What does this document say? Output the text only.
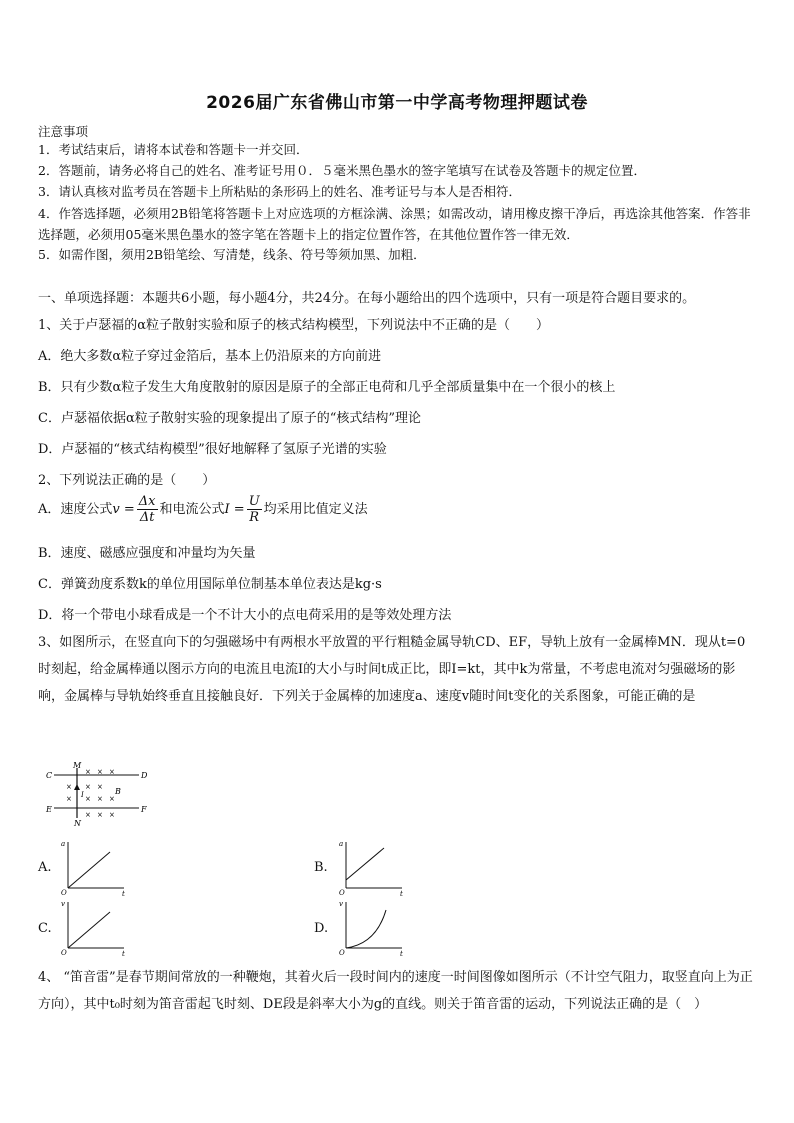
2026届广东省佛山市第一中学高考物理押题试卷
注意事项
1．考试结束后，请将本试卷和答题卡一并交回．
2．答题前，请务必将自己的姓名、准考证号用０．５毫米黑色墨水的签字笔填写在试卷及答题卡的规定位置．
3．请认真核对监考员在答题卡上所粘贴的条形码上的姓名、准考证号与本人是否相符．
4．作答选择题，必须用2B铅笔将答题卡上对应选项的方框涂满、涂黑；如需改动，请用橡皮擦干净后，再选涂其他答案．作答非选择题，必须用05毫米黑色墨水的签字笔在答题卡上的指定位置作答，在其他位置作答一律无效．
5．如需作图，须用2B铅笔绘、写清楚，线条、符号等须加黑、加粗．
一、单项选择题：本题共6小题，每小题4分，共24分。在每小题给出的四个选项中，只有一项是符合题目要求的。
1、关于卢瑟福的α粒子散射实验和原子的核式结构模型，下列说法中不正确的是（　　）
A．绝大多数α粒子穿过金箔后，基本上仍沿原来的方向前进
B．只有少数α粒子发生大角度散射的原因是原子的全部正电荷和几乎全部质量集中在一个很小的核上
C．卢瑟福依据α粒子散射实验的现象提出了原子的“核式结构”理论
D．卢瑟福的“核式结构模型”很好地解释了氢原子光谱的实验
2、下列说法正确的是（　　）
A．速度公式$v = \frac{\Delta x}{\Delta t}$ 和电流公式$I = \frac{U}{R}$ 均采用比值定义法
B．速度、磁感应强度和冲量均为矢量
C．弹簧劲度系数k的单位用国际单位制基本单位表达是kg·s
D．将一个带电小球看成是一个不计大小的点电荷采用的是等效处理方法
3、如图所示，在竖直向下的匀强磁场中有两根水平放置的平行粗糙金属导轨CD、EF，导轨上放有一金属棒MN．现从t=0时刻起，给金属棒通以图示方向的电流且电流I的大小与时间t成正比，即I=kt，其中k为常量，不考虑电流对匀强磁场的影响，金属棒与导轨始终垂直且接触良好．下列关于金属棒的加速度a、速度v随时间t变化的关系图象，可能正确的是
C	D
E	F
M
N
B
I
× × ×
× × ×
× × × ×
× × ×
A.
a
t
O
B.
a
t
O
C.
v
t
O
D.
v
t
O
4、 “笛音雷”是春节期间常放的一种鞭炮，其着火后一段时间内的速度一时间图像如图所示（不计空气阻力，取竖直向上为正方向），其中t₀时刻为笛音雷起飞时刻、DE段是斜率大小为g的直线。则关于笛音雷的运动，下列说法正确的是（　）
